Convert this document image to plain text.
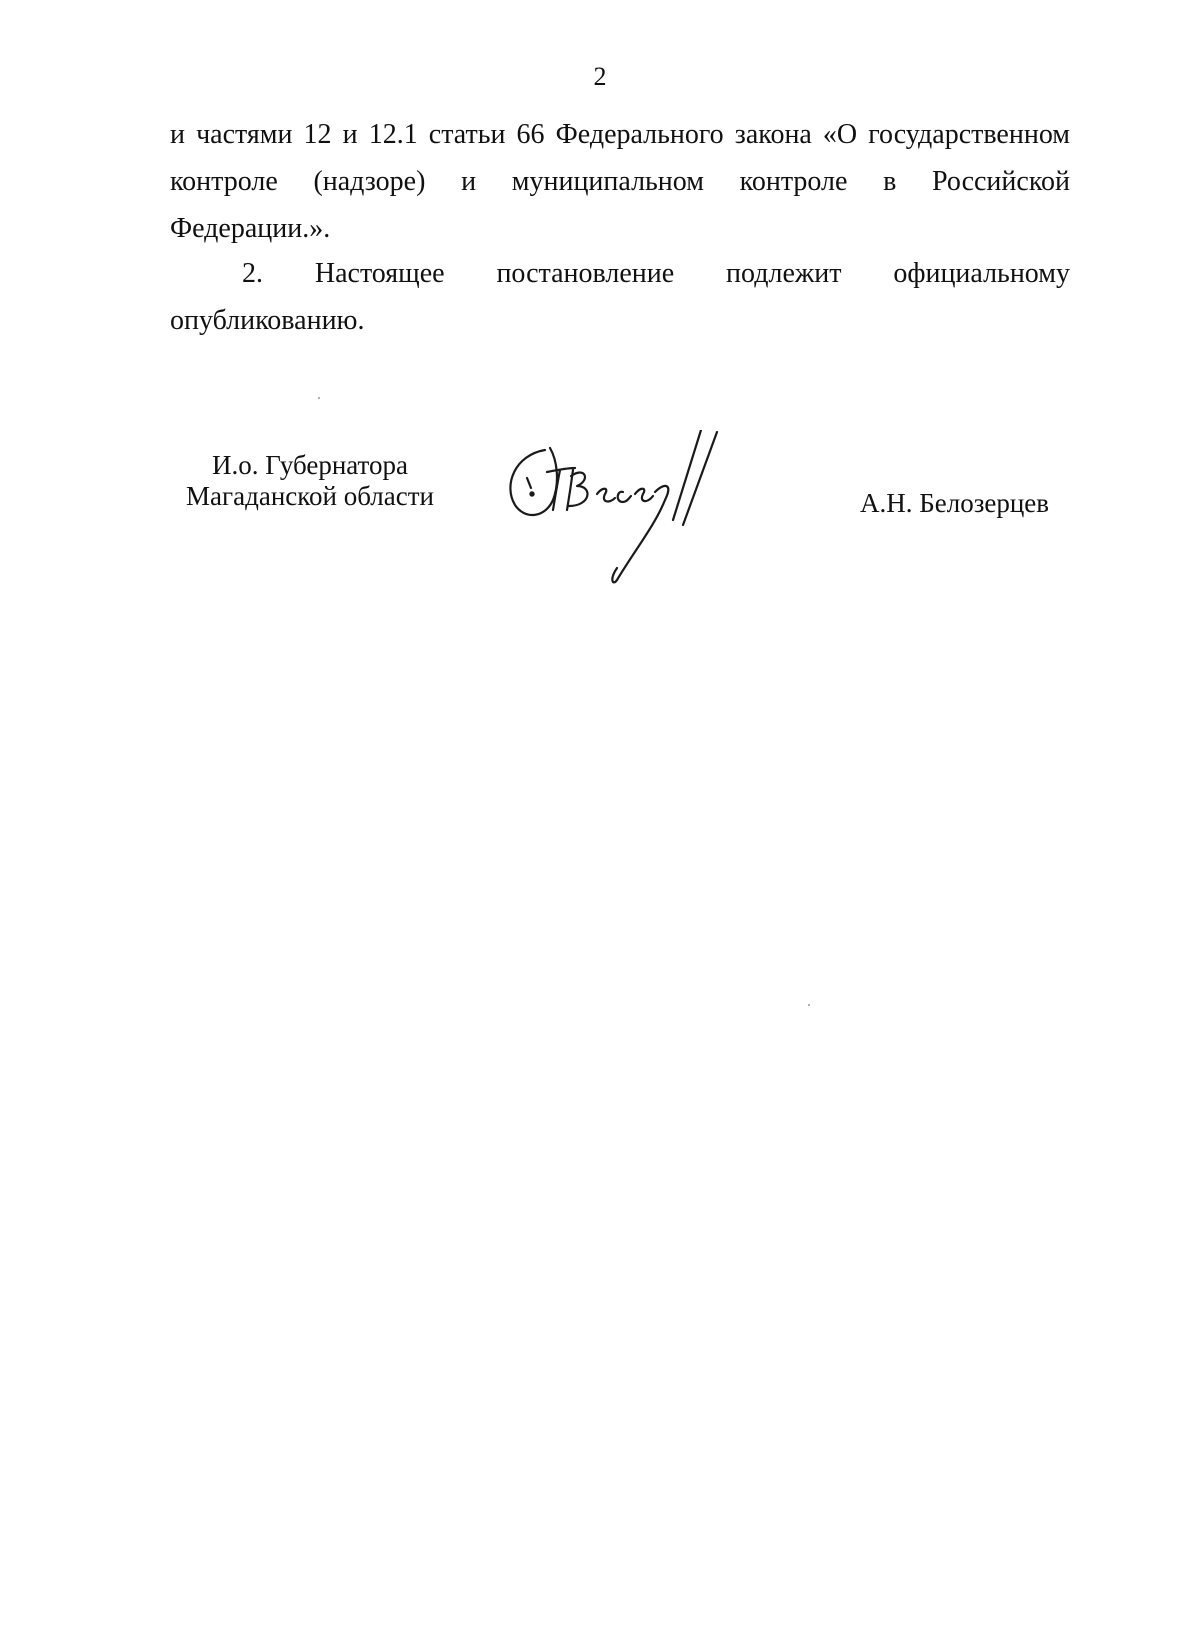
2
и частями 12 и 12.1 статьи 66 Федерального закона «О государственном
контроле (надзоре) и муниципальном контроле в Российской
Федерации.».
2. Настоящее постановление подлежит официальному
опубликованию.
И.о. Губернатора
Магаданской области	А.Н. Белозерцев
